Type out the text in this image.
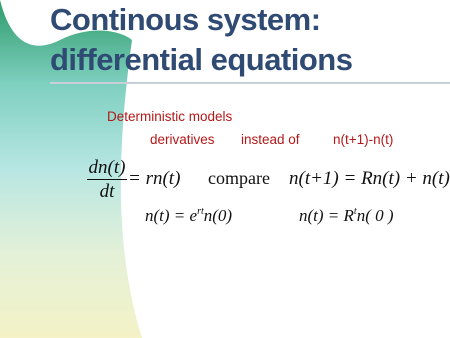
Continous system:
differential equations
Deterministic models
derivatives instead of n(t+1)-n(t)
dn(t)
dt
= rn(t) compare n(t+1) = Rn(t) + n(t)
$n(t) = e^{rt}n(0)$	$n(t) = R^tn$( 0 )
